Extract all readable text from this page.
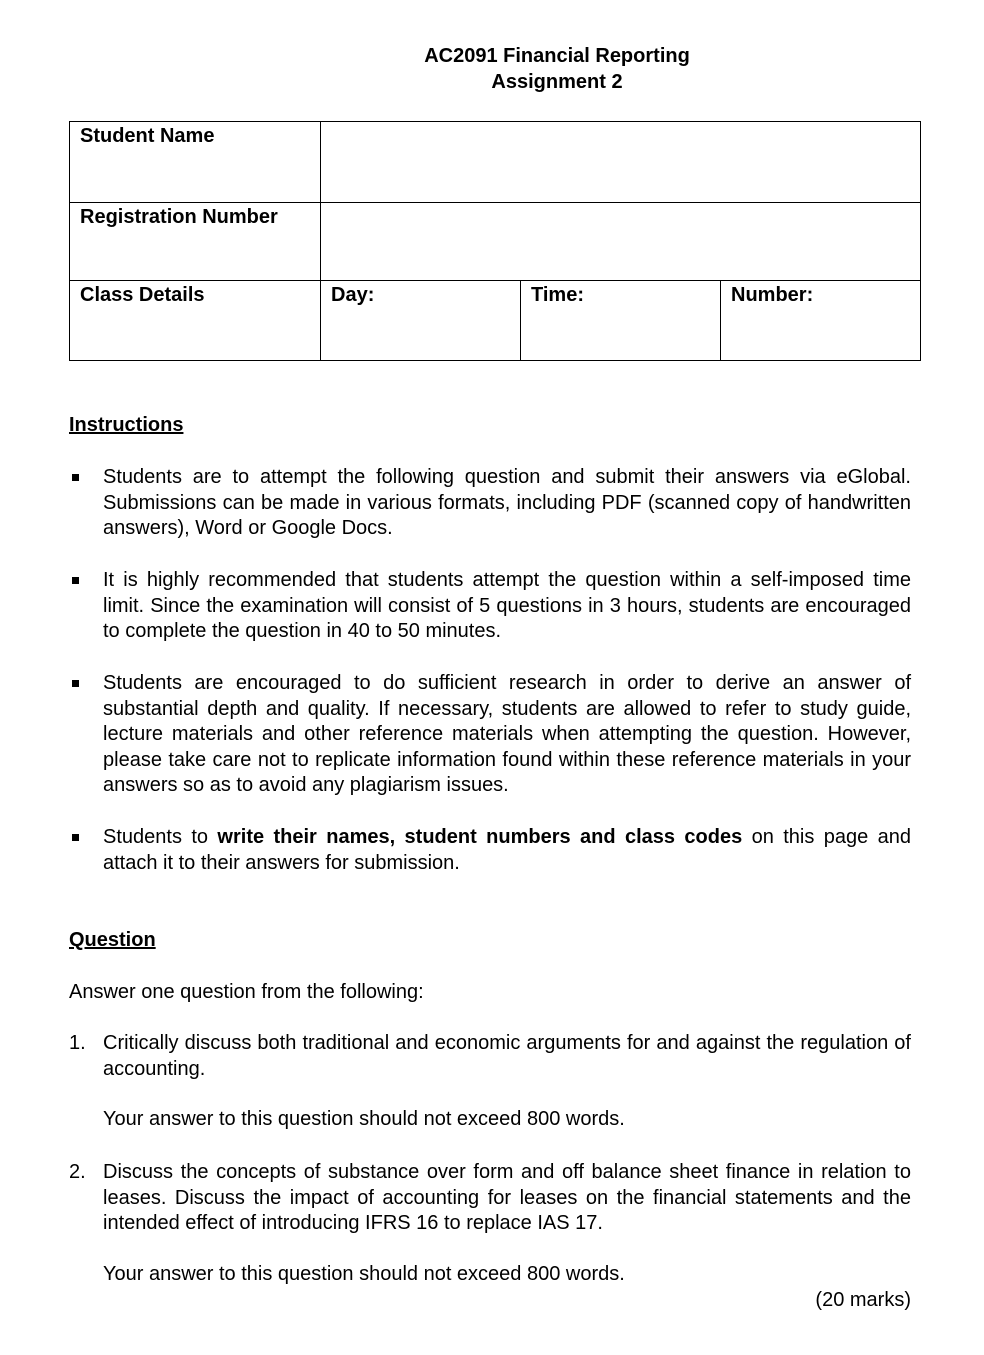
AC2091 Financial Reporting
Assignment 2
Student Name			
Registration Number			
Class Details	Day:	Time:	Number:
Instructions
Students are to attempt the following question and submit their answers via eGlobal. Submissions can be made in various formats, including PDF (scanned copy of handwritten answers), Word or Google Docs.
It is highly recommended that students attempt the question within a self-imposed time limit. Since the examination will consist of 5 questions in 3 hours, students are encouraged to complete the question in 40 to 50 minutes.
Students are encouraged to do sufficient research in order to derive an answer of substantial depth and quality. If necessary, students are allowed to refer to study guide, lecture materials and other reference materials when attempting the question. However, please take care not to replicate information found within these reference materials in your answers so as to avoid any plagiarism issues.
Students to write their names, student numbers and class codes on this page and attach it to their answers for submission.
Question
Answer one question from the following:
1. Critically discuss both traditional and economic arguments for and against the regulation of accounting.
Your answer to this question should not exceed 800 words.
2. Discuss the concepts of substance over form and off balance sheet finance in relation to leases. Discuss the impact of accounting for leases on the financial statements and the intended effect of introducing IFRS 16 to replace IAS 17.
Your answer to this question should not exceed 800 words.
(20 marks)
